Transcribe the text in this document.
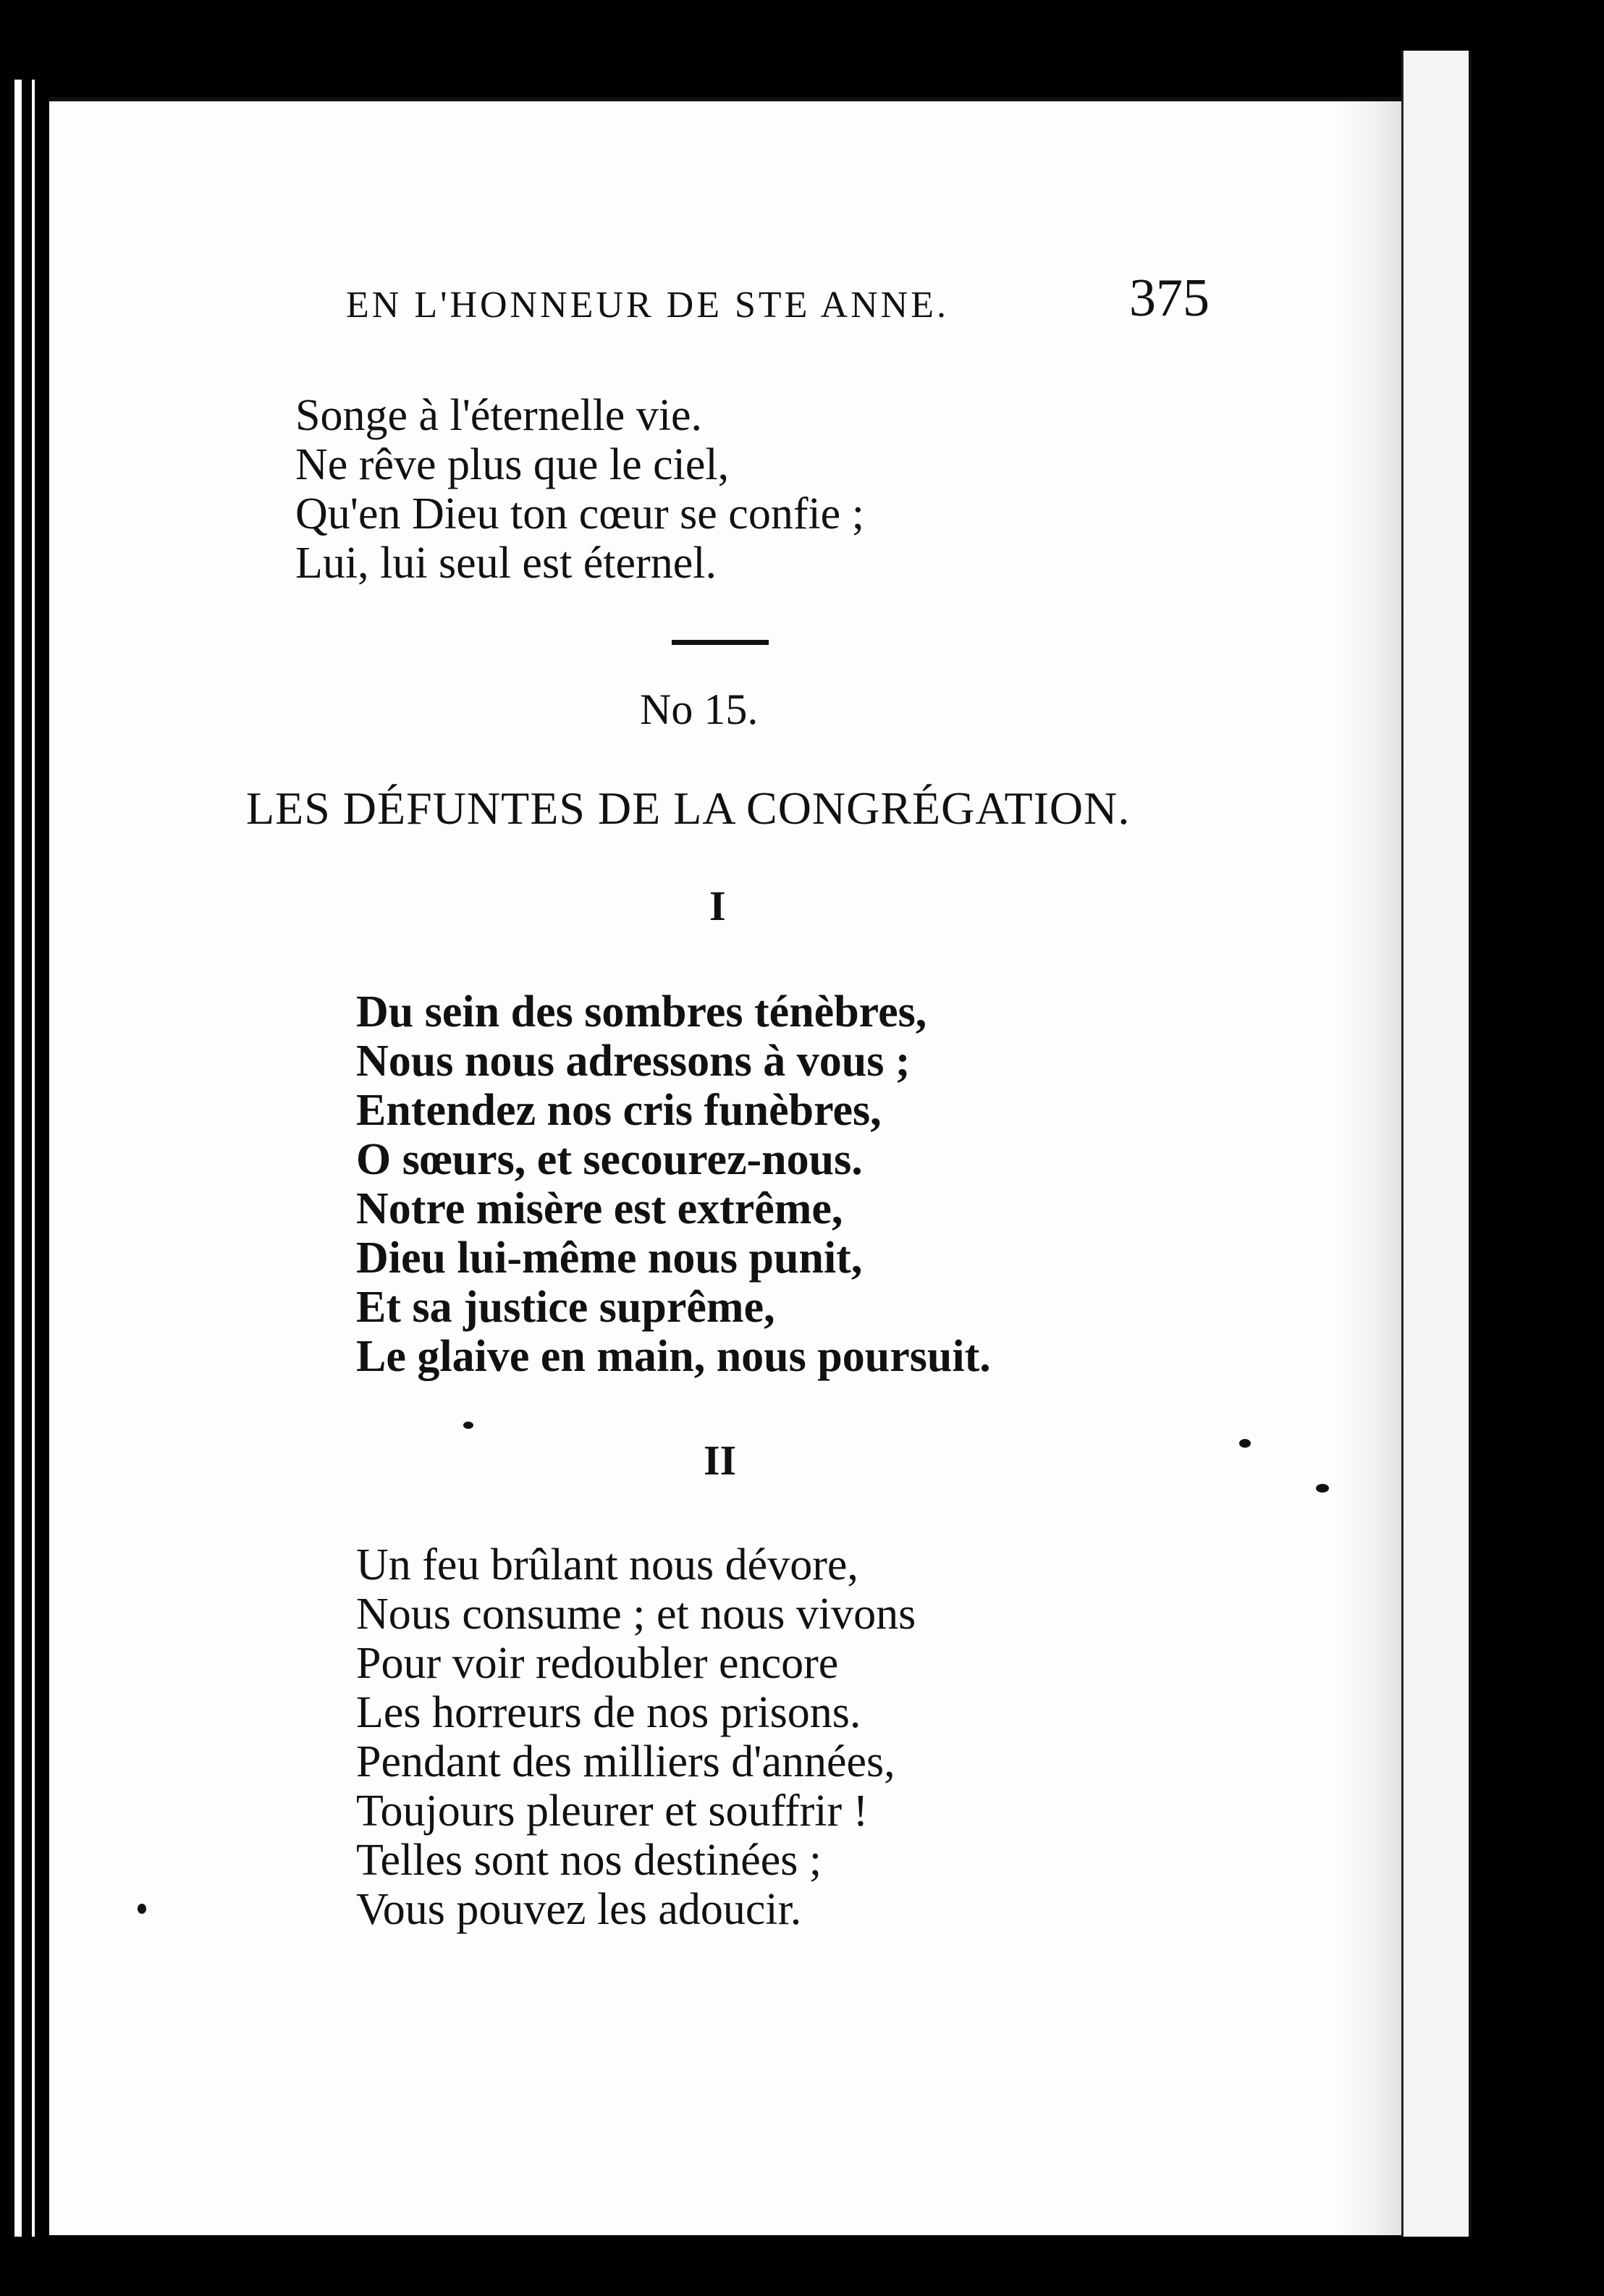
EN L'HONNEUR DE STE ANNE.	375
Songe à l'éternelle vie.
Ne rêve plus que le ciel,
Qu'en Dieu ton cœur se confie ;
Lui, lui seul est éternel.
No 15.
LES DÉFUNTES DE LA CONGRÉGATION.
I
Du sein des sombres ténèbres,
Nous nous adressons à vous ;
Entendez nos cris funèbres,
O sœurs, et secourez-nous.
Notre misère est extrême,
Dieu lui-même nous punit,
Et sa justice suprême,
Le glaive en main, nous poursuit.
II
Un feu brûlant nous dévore,
Nous consume ; et nous vivons
Pour voir redoubler encore
Les horreurs de nos prisons.
Pendant des milliers d'années,
Toujours pleurer et souffrir !
Telles sont nos destinées ;
Vous pouvez les adoucir.
